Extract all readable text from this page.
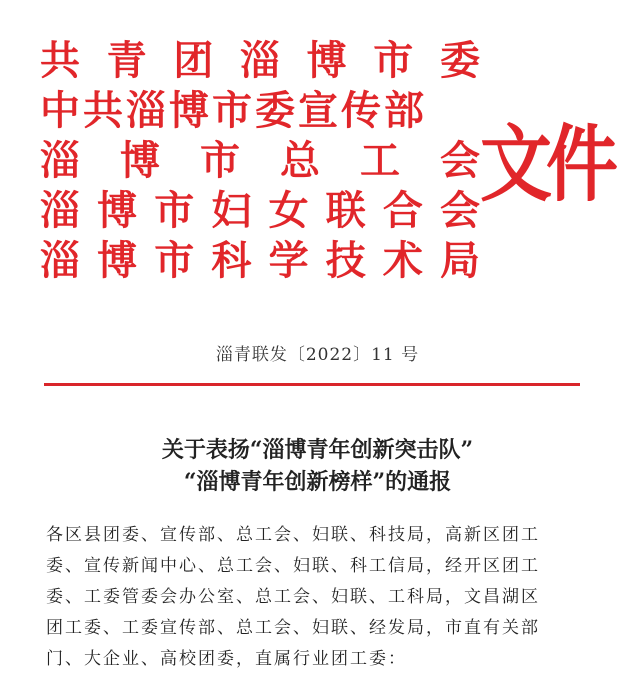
共 青 团 淄 博 市 委
中共淄博市委宣传部
淄 博 市 总 工 会
淄 博 市 妇 女 联 合 会
淄 博 市 科 学 技 术 局
文件
淄青联发〔2022〕11 号
关于表扬“淄博青年创新突击队”
“淄博青年创新榜样”的通报
各区县团委、宣传部、总工会、妇联、科技局，高新区团工
委、宣传新闻中心、总工会、妇联、科工信局，经开区团工
委、工委管委会办公室、总工会、妇联、工科局，文昌湖区
团工委、工委宣传部、总工会、妇联、经发局，市直有关部
门、大企业、高校团委，直属行业团工委：
